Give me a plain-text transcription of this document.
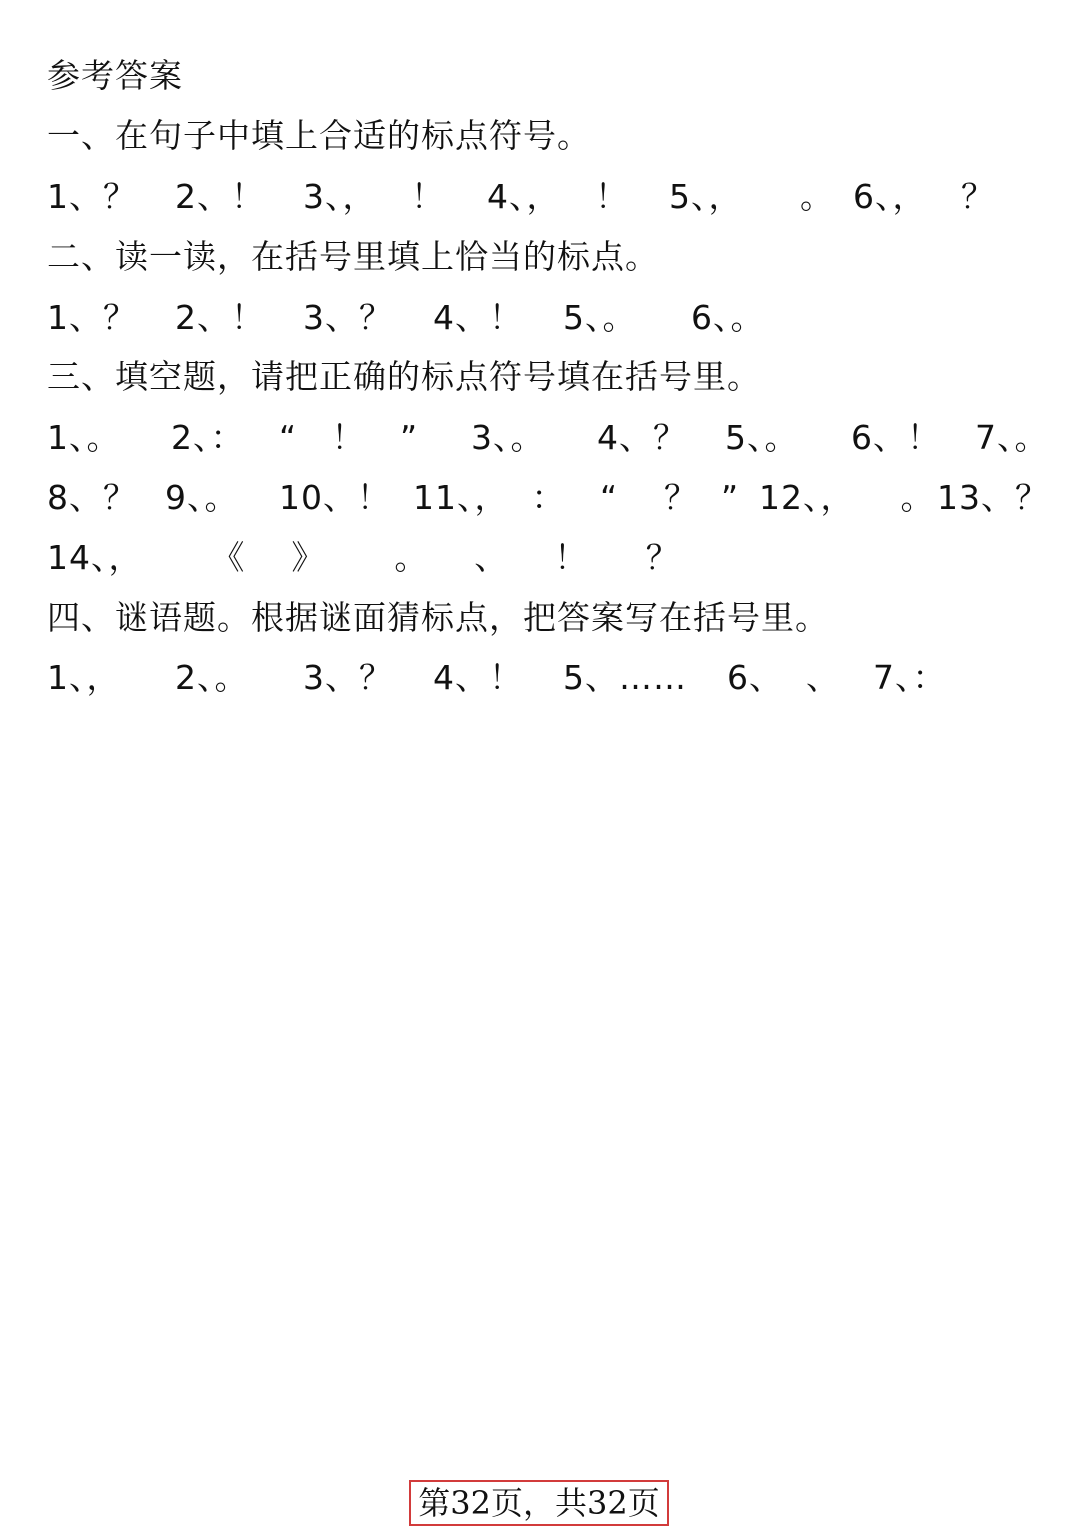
参考答案
一、在句子中填上合适的标点符号。
1、？ 2、！ 3、，   ！ 4、，   ！ 5、，     。 6、，   ？
二、读一读，在括号里填上恰当的标点。
1、？ 2、！ 3、？ 4、！ 5、。 6、。
三、填空题，请把正确的标点符号填在括号里。
1、。 2、：   “   ！   ” 3、。 4、？ 5、。 6、！ 7、。
8、？ 9、。 10、！ 11、，  ：   “    ？  ” 12、，    。 13、？
14、，      《    》      。    、    ！     ？
四、谜语题。根据谜面猜标点，把答案写在括号里。
1、， 2、。 3、？ 4、！ 5、…… 6、  、 7、：
第32页，共32页
